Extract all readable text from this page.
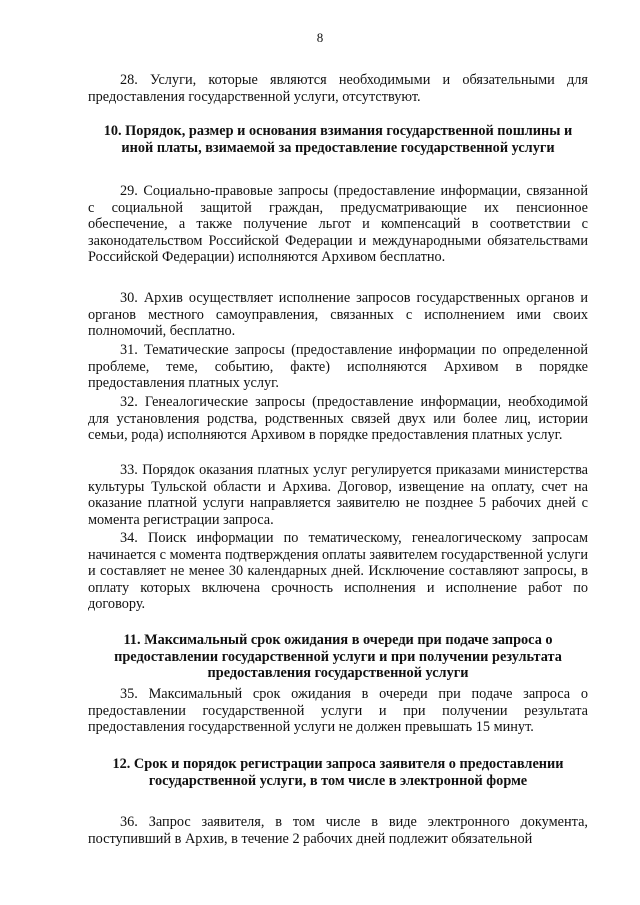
8

28. Услуги, которые являются необходимыми и обязательными для предоставления государственной услуги, отсутствуют.

10. Порядок, размер и основания взимания государственной пошлины и иной платы, взимаемой за предоставление государственной услуги

29. Социально-правовые запросы (предоставление информации, связанной с социальной защитой граждан, предусматривающие их пенсионное обеспечение, а также получение льгот и компенсаций в соответствии с законодательством Российской Федерации и международными обязательствами Российской Федерации) исполняются Архивом бесплатно.

30. Архив осуществляет исполнение запросов государственных органов и органов местного самоуправления, связанных с исполнением ими своих полномочий, бесплатно.

31. Тематические запросы (предоставление информации по определенной проблеме, теме, событию, факте) исполняются Архивом в порядке предоставления платных услуг.

32. Генеалогические запросы (предоставление информации, необходимой для установления родства, родственных связей двух или более лиц, истории семьи, рода) исполняются Архивом в порядке предоставления платных услуг.

33. Порядок оказания платных услуг регулируется приказами министерства культуры Тульской области и Архива. Договор, извещение на оплату, счет на оказание платной услуги направляется заявителю не позднее 5 рабочих дней с момента регистрации запроса.

34. Поиск информации по тематическому, генеалогическому запросам начинается с момента подтверждения оплаты заявителем государственной услуги и составляет не менее 30 календарных дней. Исключение составляют запросы, в оплату которых включена срочность исполнения и исполнение работ по договору.

11. Максимальный срок ожидания в очереди при подаче запроса о предоставлении государственной услуги и при получении результата предоставления государственной услуги

35. Максимальный срок ожидания в очереди при подаче запроса о предоставлении государственной услуги и при получении результата предоставления государственной услуги не должен превышать 15 минут.

12. Срок и порядок регистрации запроса заявителя о предоставлении государственной услуги, в том числе в электронной форме

36. Запрос заявителя, в том числе в виде электронного документа, поступивший в Архив, в течение 2 рабочих дней подлежит обязательной
